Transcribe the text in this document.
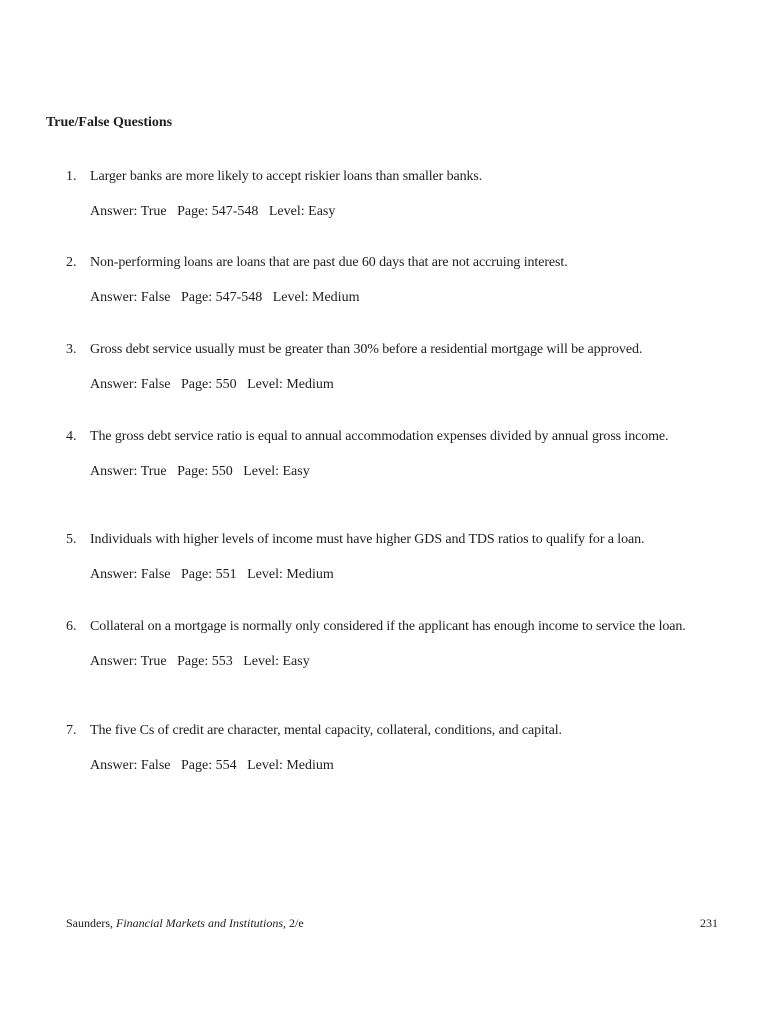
True/False Questions
1. Larger banks are more likely to accept riskier loans than smaller banks.
Answer: True   Page: 547-548   Level: Easy
2. Non-performing loans are loans that are past due 60 days that are not accruing interest.
Answer: False   Page: 547-548   Level: Medium
3. Gross debt service usually must be greater than 30% before a residential mortgage will be approved.
Answer: False   Page: 550   Level: Medium
4. The gross debt service ratio is equal to annual accommodation expenses divided by annual gross income.
Answer: True   Page: 550   Level: Easy
5. Individuals with higher levels of income must have higher GDS and TDS ratios to qualify for a loan.
Answer: False   Page: 551   Level: Medium
6. Collateral on a mortgage is normally only considered if the applicant has enough income to service the loan.
Answer: True   Page: 553   Level: Easy
7. The five Cs of credit are character, mental capacity, collateral, conditions, and capital.
Answer: False   Page: 554   Level: Medium
Saunders, Financial Markets and Institutions, 2/e	231
